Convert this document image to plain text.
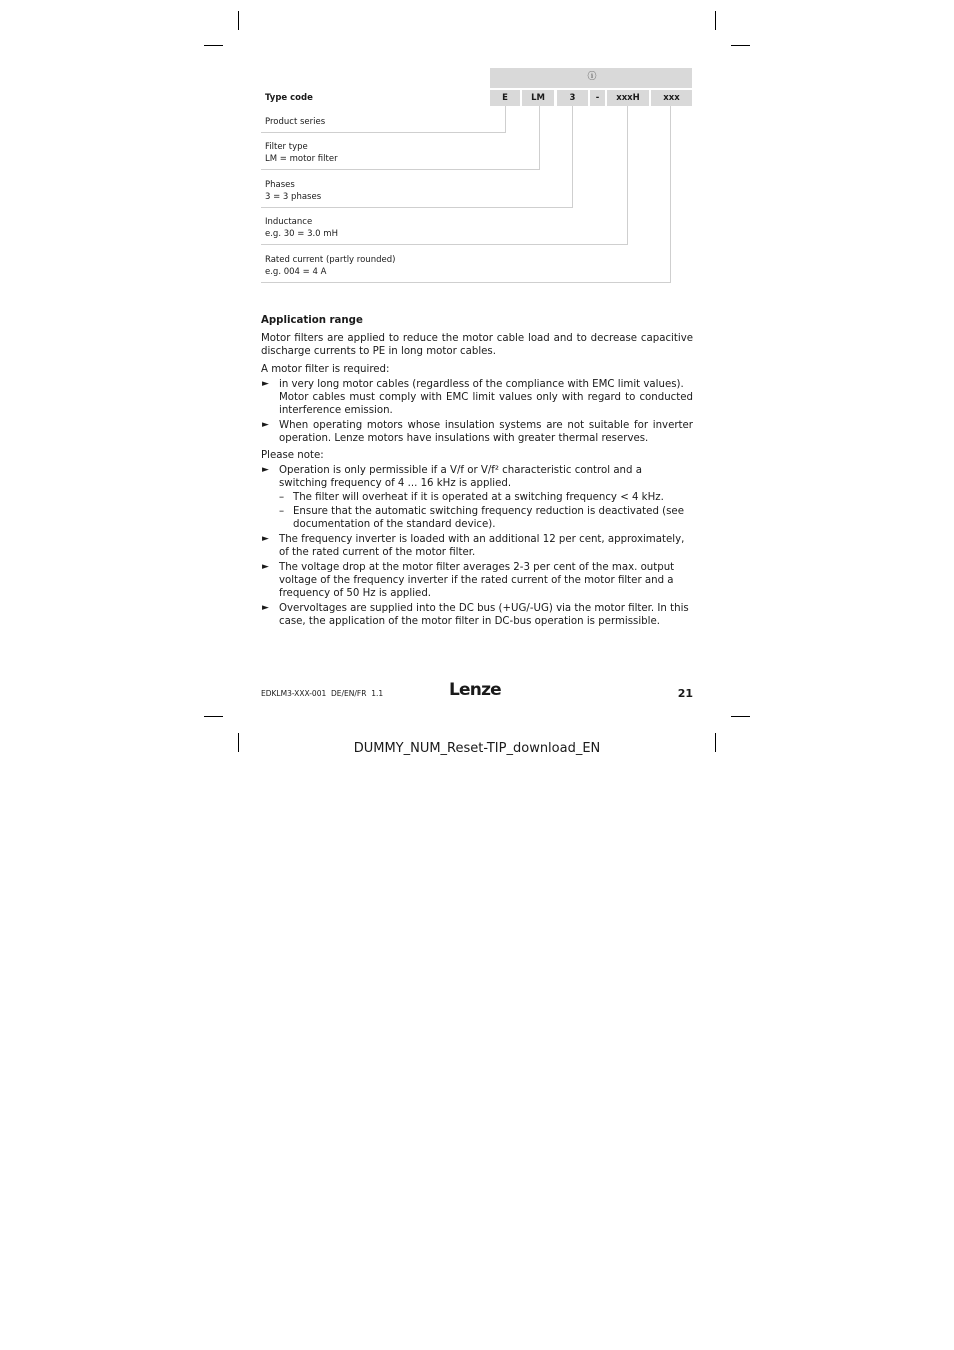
ⓘ
Type code	E	LM	3	-	xxxH	xxx
Product series
Filter type
LM = motor filter
Phases
3 = 3 phases
Inductance
e.g. 30 = 3.0 mH
Rated current (partly rounded)
e.g. 004 = 4 A

Application range

Motor filters are applied to reduce the motor cable load and to decrease capacitive discharge currents to PE in long motor cables.

A motor filter is required:

► in very long motor cables (regardless of the compliance with EMC limit values).
Motor cables must comply with EMC limit values only with regard to conducted interference emission.
► When operating motors whose insulation systems are not suitable for inverter operation. Lenze motors have insulations with greater thermal reserves.

Please note:

► Operation is only permissible if a V/f or V/f² characteristic control and a switching frequency of 4 ... 16 kHz is applied.
– The filter will overheat if it is operated at a switching frequency < 4 kHz.
– Ensure that the automatic switching frequency reduction is deactivated (see documentation of the standard device).
► The frequency inverter is loaded with an additional 12 per cent, approximately, of the rated current of the motor filter.
► The voltage drop at the motor filter averages 2-3 per cent of the max. output voltage of the frequency inverter if the rated current of the motor filter and a frequency of 50 Hz is applied.
► Overvoltages are supplied into the DC bus (+UG/-UG) via the motor filter. In this case, the application of the motor filter in DC-bus operation is permissible.
EDKLM3-XXX-001  DE/EN/FR  1.1	Lenze	21
DUMMY_NUM_Reset-TIP_download_EN
